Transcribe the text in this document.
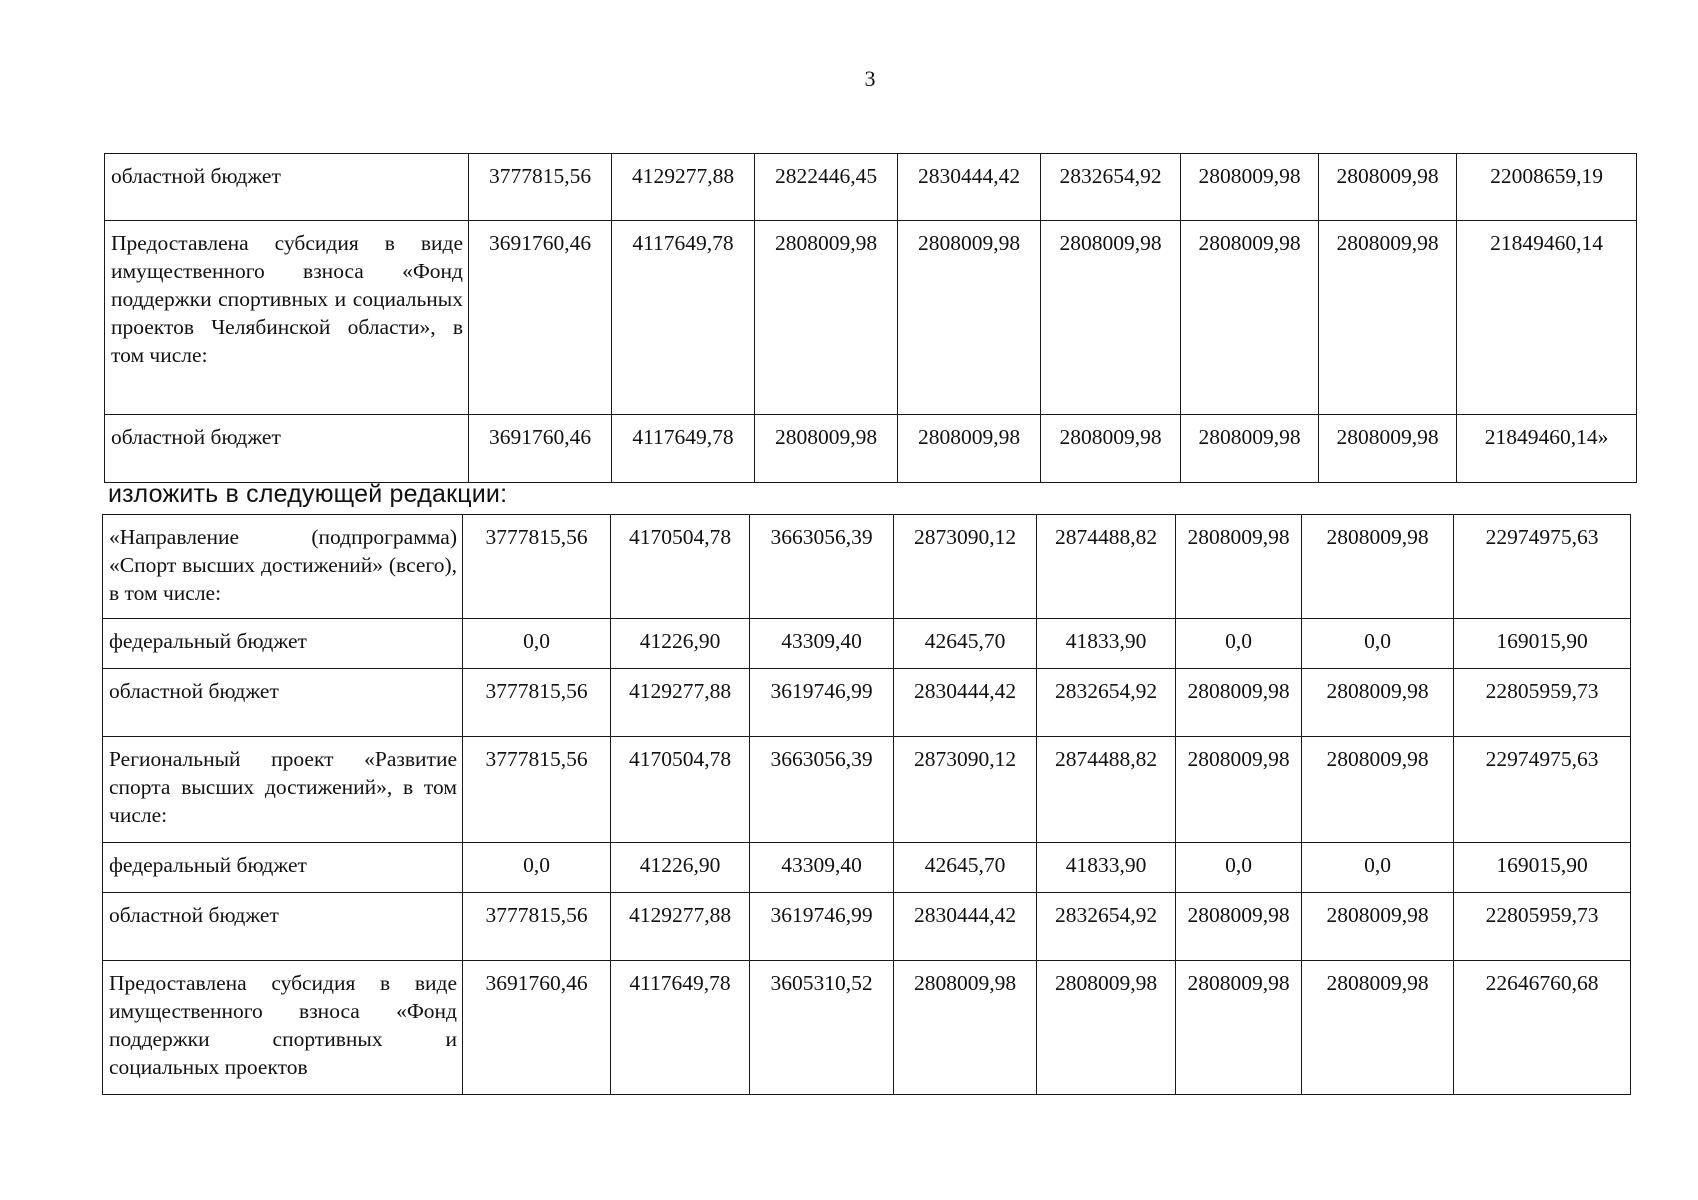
3
областной бюджет	3777815,56	4129277,88	2822446,45	2830444,42	2832654,92	2808009,98	2808009,98	22008659,19
Предоставлена субсидия в виде имущественного взноса «Фонд поддержки спортивных и социальных проектов Челябинской области», в том числе:	3691760,46	4117649,78	2808009,98	2808009,98	2808009,98	2808009,98	2808009,98	21849460,14
областной бюджет	3691760,46	4117649,78	2808009,98	2808009,98	2808009,98	2808009,98	2808009,98	21849460,14»
изложить в следующей редакции:
«Направление (подпрограмма) «Спорт высших достижений» (всего), в том числе:	3777815,56	4170504,78	3663056,39	2873090,12	2874488,82	2808009,98	2808009,98	22974975,63
федеральный бюджет	0,0	41226,90	43309,40	42645,70	41833,90	0,0	0,0	169015,90
областной бюджет	3777815,56	4129277,88	3619746,99	2830444,42	2832654,92	2808009,98	2808009,98	22805959,73
Региональный проект «Развитие спорта высших достижений», в том числе:	3777815,56	4170504,78	3663056,39	2873090,12	2874488,82	2808009,98	2808009,98	22974975,63
федеральный бюджет	0,0	41226,90	43309,40	42645,70	41833,90	0,0	0,0	169015,90
областной бюджет	3777815,56	4129277,88	3619746,99	2830444,42	2832654,92	2808009,98	2808009,98	22805959,73
Предоставлена субсидия в виде имущественного взноса «Фонд поддержки спортивных и социальных проектов	3691760,46	4117649,78	3605310,52	2808009,98	2808009,98	2808009,98	2808009,98	22646760,68
